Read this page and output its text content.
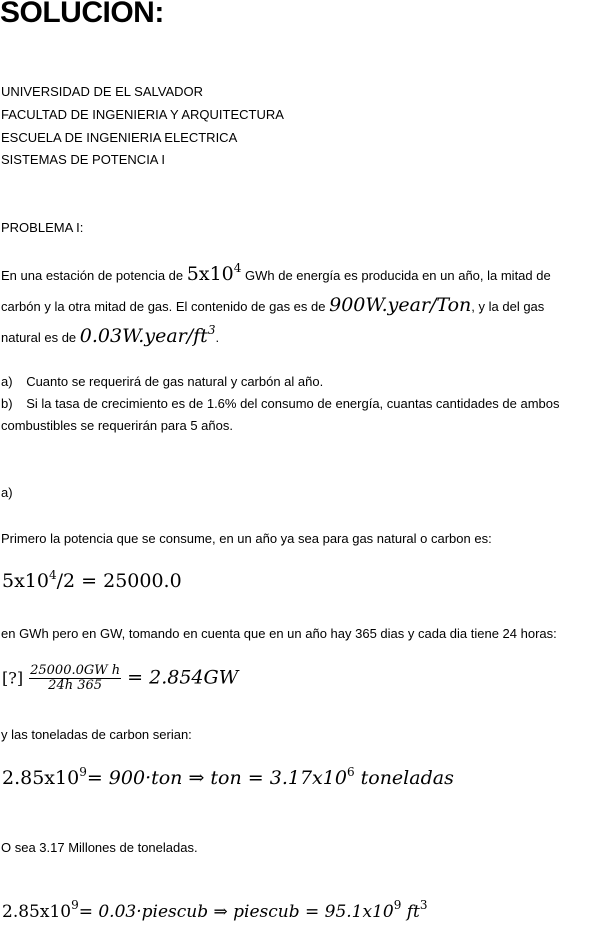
SOLUCION:
UNIVERSIDAD DE EL SALVADOR
FACULTAD DE INGENIERIA Y ARQUITECTURA
ESCUELA DE INGENIERIA ELECTRICA
SISTEMAS DE POTENCIA I
PROBLEMA I:
En una estación de potencia de $5x10^4$ GWh de energía es producida en un año, la mitad de
carbón y la otra mitad de gas. El contenido de gas es de 900W.year/Ton, y la del gas
natural es de $0.03W.year/ft^3$.
a) Cuanto se requerirá de gas natural y carbón al año.
b) Si la tasa de crecimiento es de 1.6% del consumo de energía, cuantas cantidades de ambos
combustibles se requerirán para 5 años.
a)
Primero la potencia que se consume, en un año ya sea para gas natural o carbon es:
$5x10^4/2 = 25000.0$
en GWh pero en GW, tomando en cuenta que en un año hay 365 dias y cada dia tiene 24 horas:
[?] $\frac{\text{25000.0GW h}}{24h 365} = 2.854GW$
y las toneladas de carbon serian:
$2.85x10^9= 900\cdot ton$ ⇒ ton = $3.17x10^6$ toneladas
O sea 3.17 Millones de toneladas.
$2.85x10^9=$ 0.03·piescub ⇒ piescub = $95.1x10^9$ $ft^3$
